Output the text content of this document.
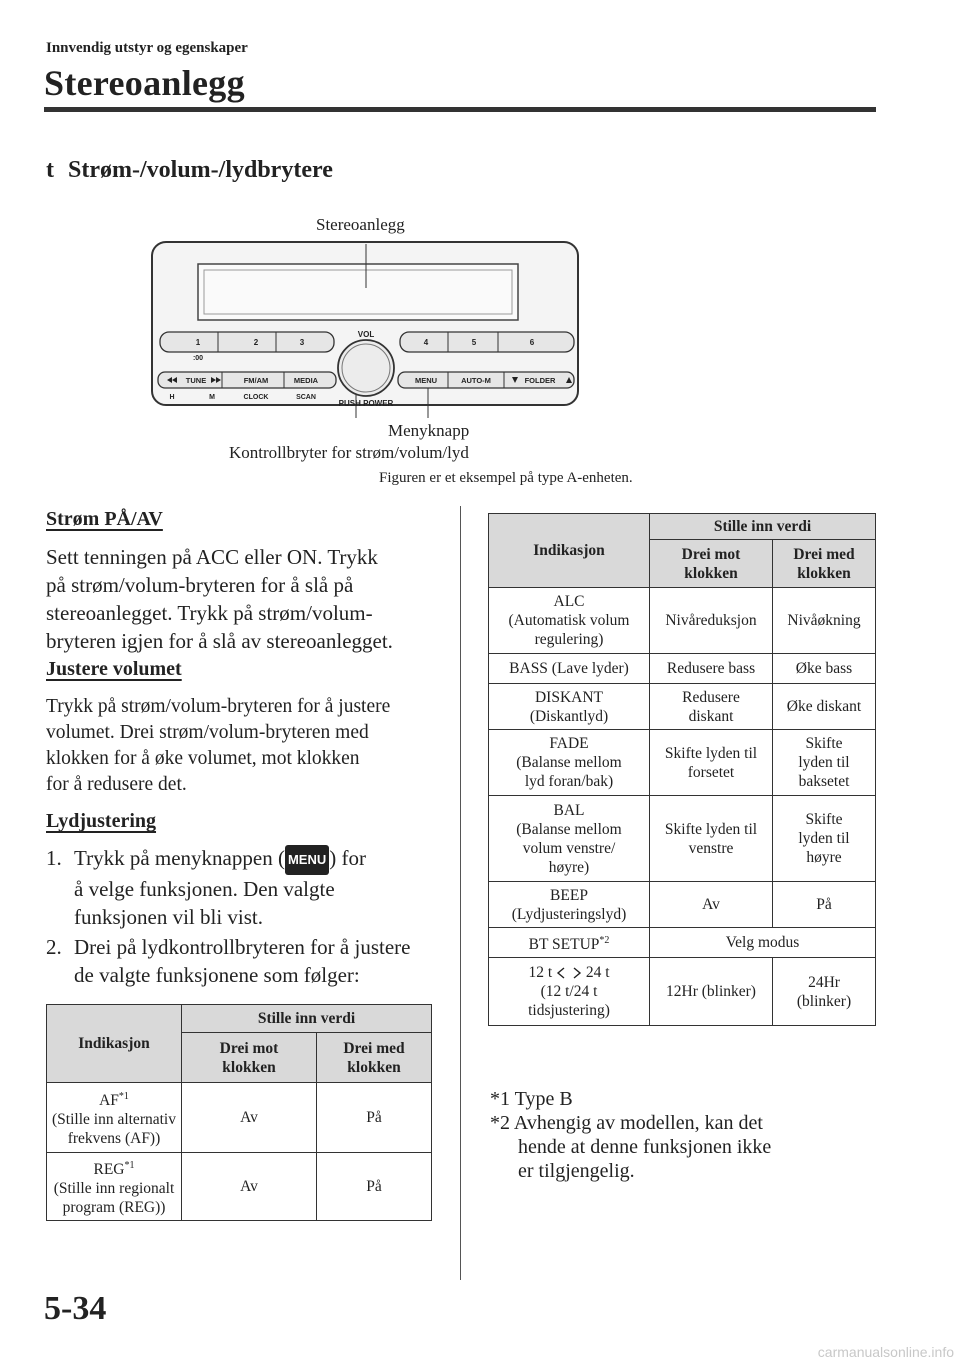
Innvendig utstyr og egenskaper
Stereoanlegg
t Strøm-/volum-/lydbrytere
Stereoanlegg
Menyknapp
Kontrollbryter for strøm/volum/lyd
Figuren er et eksempel på type A-enheten.
VOL
PUSH POWER
1	2	3	4	5	6
:00
TUNE	FM/AM	MEDIA	MENU	AUTO-M	FOLDER
H	M	CLOCK	SCAN
Strøm PÅ/AV
Sett tenningen på ACC eller ON. Trykk
på strøm/volum-bryteren for å slå på
stereoanlegget. Trykk på strøm/volum-
bryteren igjen for å slå av stereoanlegget.
Justere volumet
Trykk på strøm/volum-bryteren for å justere
volumet. Drei strøm/volum-bryteren med
klokken for å øke volumet, mot klokken
for å redusere det.
Lydjustering
1. Trykk på menyknappen ( MENU ) for
å velge funksjonen. Den valgte
funksjonen vil bli vist.
2. Drei på lydkontrollbryteren for å justere
de valgte funksjonene som følger:
Indikasjon	Stille inn verdi	
	Drei mot
klokken	Drei med
klokken
AF$^{*1}$
(Stille inn alternativ
frekvens (AF))	Av	På
REG$^{*1}$
(Stille inn regionalt
program (REG))	Av	På
Indikasjon	Stille inn verdi	
	Drei mot
klokken	Drei med
klokken
ALC
(Automatisk volum
regulering)	Nivåreduksjon	Nivåøkning
BASS (Lave lyder)	Redusere bass	Øke bass
DISKANT
(Diskantlyd)	Redusere
diskant	Øke diskant
FADE
(Balanse mellom
lyd foran/bak)	Skifte lyden til
forsetet	Skifte
lyden til
baksetet
BAL
(Balanse mellom
volum venstre/
høyre)	Skifte lyden til
venstre	Skifte
lyden til
høyre
BEEP
(Lydjusteringslyd)	Av	På
BT SETUP$^{*2}$	Velg modus	
12 t 24 t
(12 t/24 t
tidsjustering)	12Hr (blinker)	24Hr
(blinker)
*1 Type B
*2 Avhengig av modellen, kan det
hende at denne funksjonen ikke
er tilgjengelig.
5-34
carmanualsonline.info
